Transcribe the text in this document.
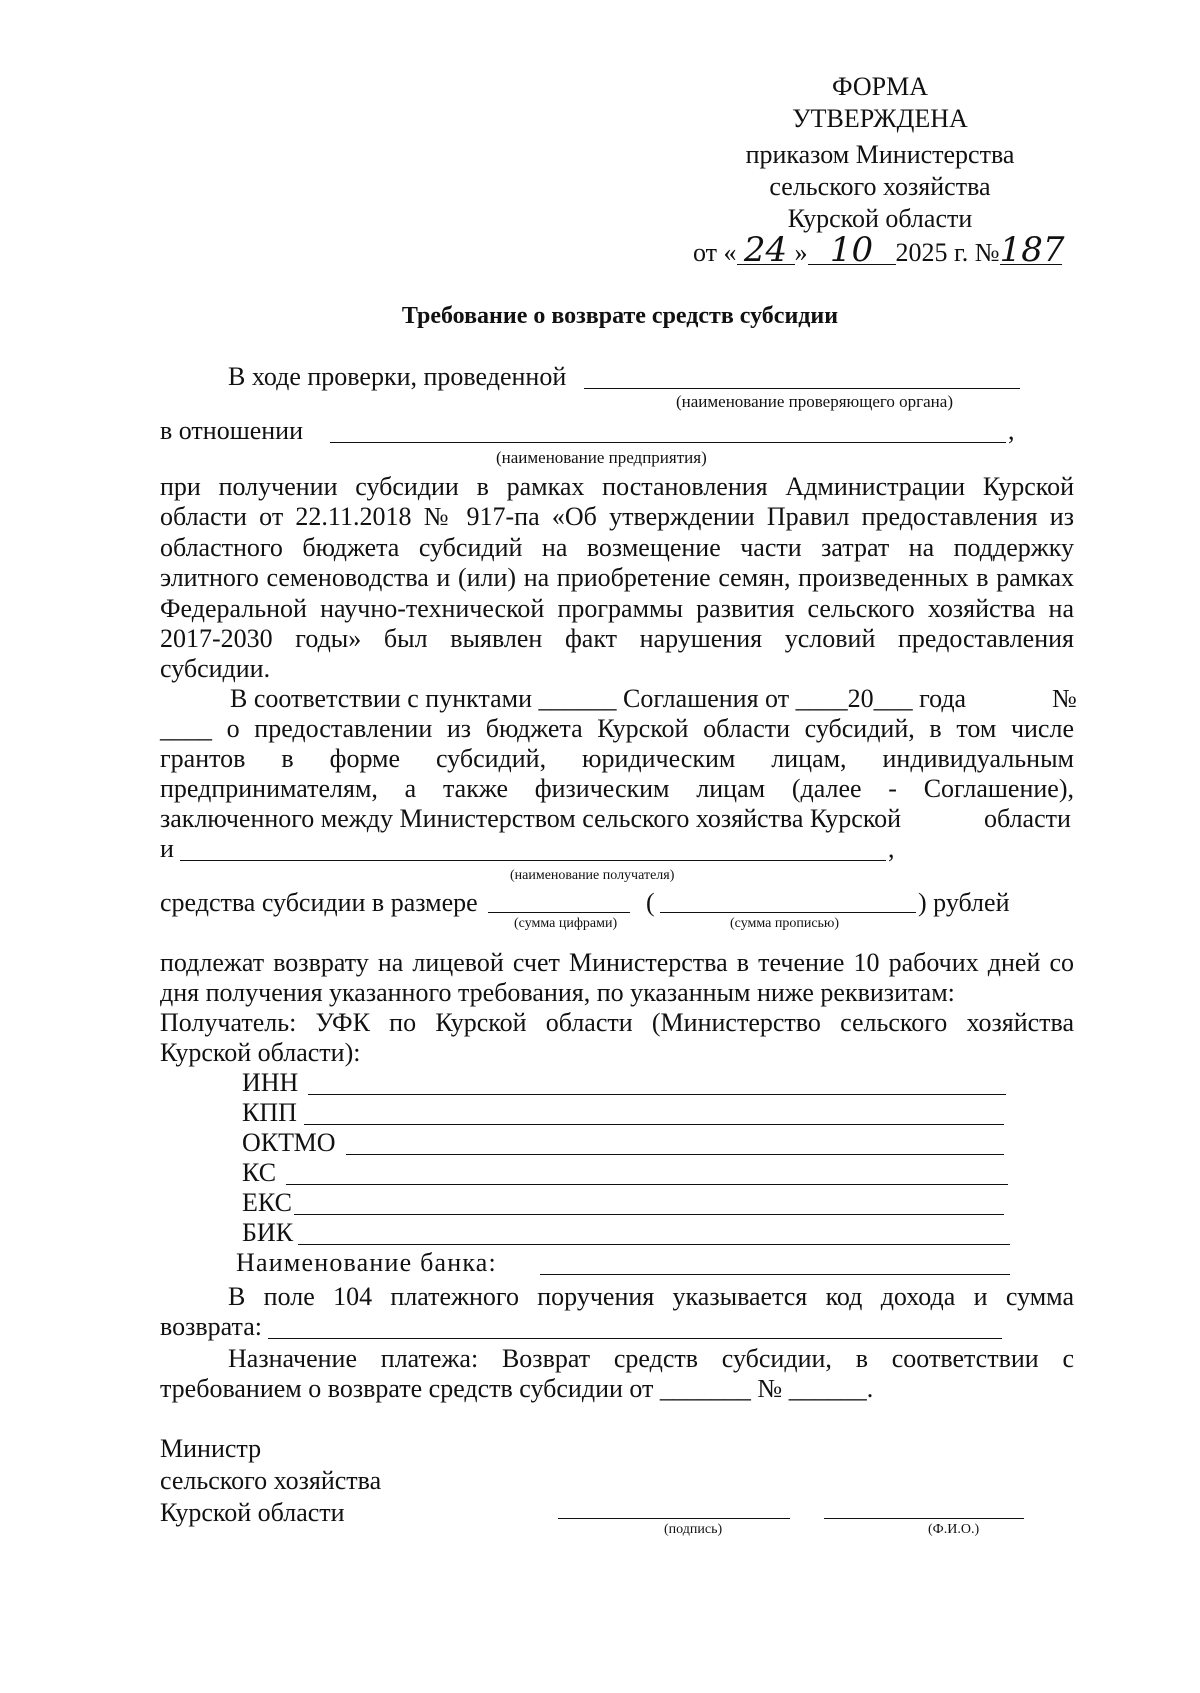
ФОРМА
УТВЕРЖДЕНА
приказом Министерства
сельского хозяйства
Курской области
от « 24 » 10 2025 г. №187
Требование о возврате средств субсидии
В ходе проверки, проведенной
(наименование проверяющего органа)
в отношении	,
(наименование предприятия)
при получении субсидии в рамках постановления Администрации Курской
области от 22.11.2018 № 917-па «Об утверждении Правил предоставления из
областного бюджета субсидий на возмещение части затрат на поддержку
элитного семеноводства и (или) на приобретение семян, произведенных в рамках
Федеральной научно-технической программы развития сельского хозяйства на
2017-2030 годы» был выявлен факт нарушения условий предоставления
субсидии.
В соответствии с пунктами ______ Соглашения от ____20___ года	№
____ о предоставлении из бюджета Курской области субсидий, в том числе
грантов в форме субсидий, юридическим лицам, индивидуальным
предпринимателям, а также физическим лицам (далее - Соглашение),
заключенного между Министерством сельского хозяйства Курской	области
и	,
(наименование получателя)
средства субсидии в размере	(	) рублей
(сумма цифрами)	(сумма прописью)
подлежат возврату на лицевой счет Министерства в течение 10 рабочих дней со
дня получения указанного требования, по указанным ниже реквизитам:
Получатель: УФК по Курской области (Министерство сельского хозяйства
Курской области):
ИНН
КПП
ОКТМО
КС
ЕКС
БИК
Наименование банка:
В поле 104 платежного поручения указывается код дохода и сумма
возврата:
Назначение платежа: Возврат средств субсидии, в соответствии с
требованием о возврате средств субсидии от _______ № ______.
Министр
сельского хозяйства
Курской области
(подпись)	(Ф.И.О.)
